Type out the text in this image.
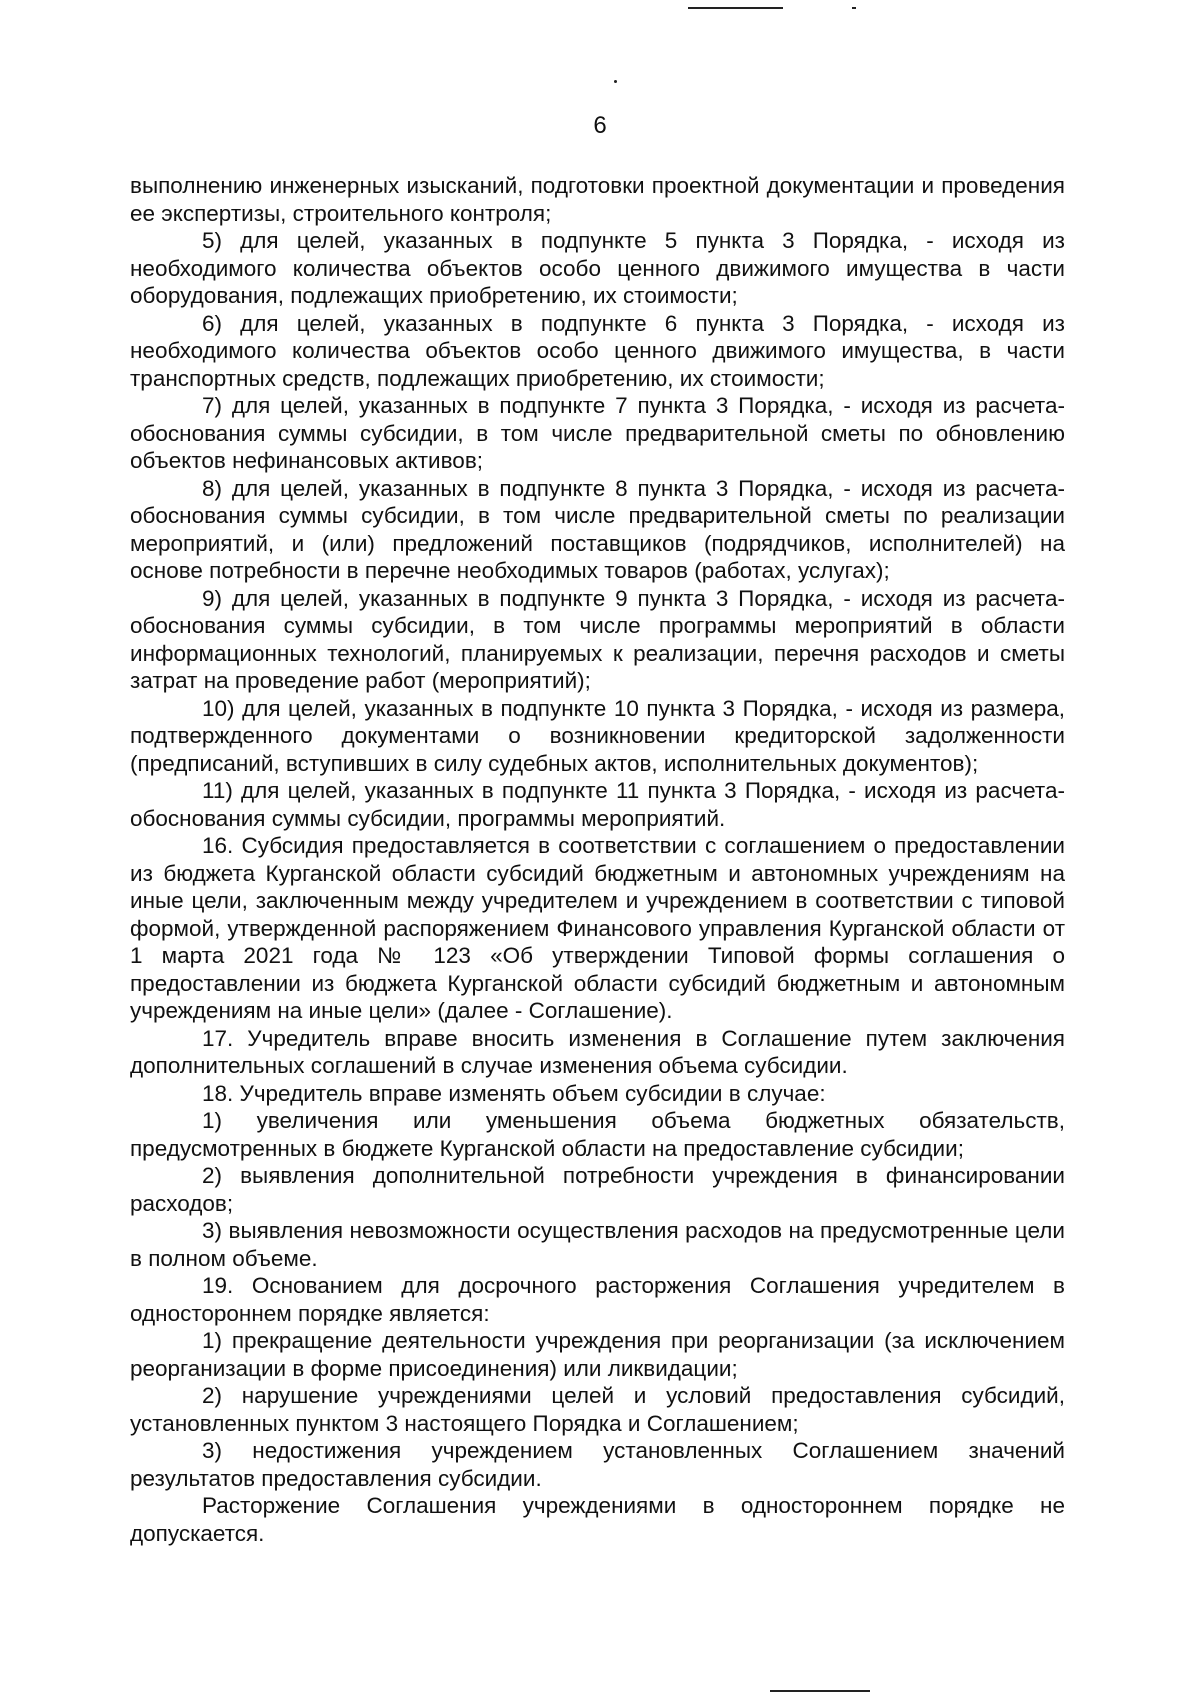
6

выполнению инженерных изысканий, подготовки проектной документации и проведения ее экспертизы, строительного контроля;

5) для целей, указанных в подпункте 5 пункта 3 Порядка, - исходя из необходимого количества объектов особо ценного движимого имущества в части оборудования, подлежащих приобретению, их стоимости;

6) для целей, указанных в подпункте 6 пункта 3 Порядка, - исходя из необходимого количества объектов особо ценного движимого имущества, в части транспортных средств, подлежащих приобретению, их стоимости;

7) для целей, указанных в подпункте 7 пункта 3 Порядка, - исходя из расчета-обоснования суммы субсидии, в том числе предварительной сметы по обновлению объектов нефинансовых активов;

8) для целей, указанных в подпункте 8 пункта 3 Порядка, - исходя из расчета-обоснования суммы субсидии, в том числе предварительной сметы по реализации мероприятий, и (или) предложений поставщиков (подрядчиков, исполнителей) на основе потребности в перечне необходимых товаров (работах, услугах);

9) для целей, указанных в подпункте 9 пункта 3 Порядка, - исходя из расчета-обоснования суммы субсидии, в том числе программы мероприятий в области информационных технологий, планируемых к реализации, перечня расходов и сметы затрат на проведение работ (мероприятий);

10) для целей, указанных в подпункте 10 пункта 3 Порядка, - исходя из размера, подтвержденного документами о возникновении кредиторской задолженности (предписаний, вступивших в силу судебных актов, исполнительных документов);

11) для целей, указанных в подпункте 11 пункта 3 Порядка, - исходя из расчета-обоснования суммы субсидии, программы мероприятий.

16. Субсидия предоставляется в соответствии с соглашением о предоставлении из бюджета Курганской области субсидий бюджетным и автономных учреждениям на иные цели, заключенным между учредителем и учреждением в соответствии с типовой формой, утвержденной распоряжением Финансового управления Курганской области от 1 марта 2021 года № 123 «Об утверждении Типовой формы соглашения о предоставлении из бюджета Курганской области субсидий бюджетным и автономным учреждениям на иные цели» (далее - Соглашение).

17. Учредитель вправе вносить изменения в Соглашение путем заключения дополнительных соглашений в случае изменения объема субсидии.

18. Учредитель вправе изменять объем субсидии в случае:

1) увеличения или уменьшения объема бюджетных обязательств, предусмотренных в бюджете Курганской области на предоставление субсидии;

2) выявления дополнительной потребности учреждения в финансировании расходов;

3) выявления невозможности осуществления расходов на предусмотренные цели в полном объеме.

19. Основанием для досрочного расторжения Соглашения учредителем в одностороннем порядке является:

1) прекращение деятельности учреждения при реорганизации (за исключением реорганизации в форме присоединения) или ликвидации;

2) нарушение учреждениями целей и условий предоставления субсидий, установленных пунктом 3 настоящего Порядка и Соглашением;

3) недостижения учреждением установленных Соглашением значений результатов предоставления субсидии.

Расторжение Соглашения учреждениями в одностороннем порядке не допускается.
